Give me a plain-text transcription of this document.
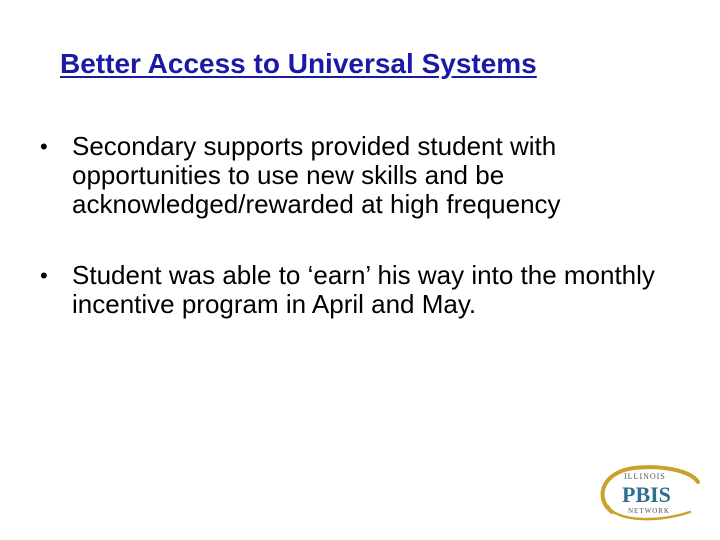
Better Access to Universal Systems
• Secondary supports provided student with opportunities to use new skills and be acknowledged/rewarded at high frequency
• Student was able to ‘earn’ his way into the monthly incentive program in April and May.
ILLINOIS
PBIS
NETWORK
